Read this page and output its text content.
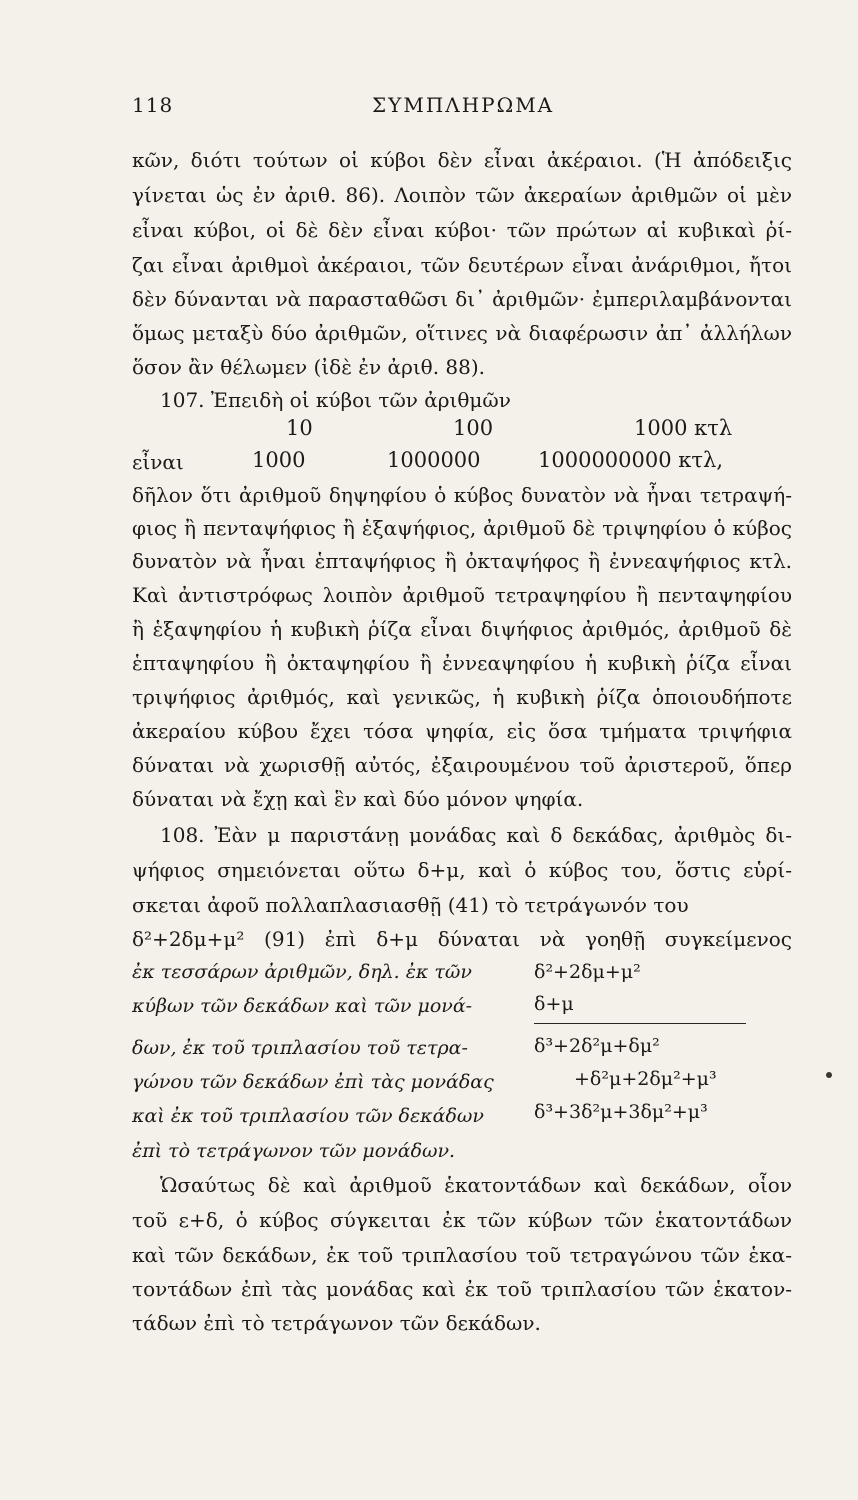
118	ΣΥΜΠΛΗΡΩΜΑ
κῶν, διότι τούτων οἱ κύβοι δὲν εἶναι ἀκέραιοι. (Ἡ ἀπόδειξις
γίνεται ὡς ἐν ἀριθ. 86). Λοιπὸν τῶν ἀκεραίων ἀριθμῶν οἱ μὲν
εἶναι κύβοι, οἱ δὲ δὲν εἶναι κύβοι· τῶν πρώτων αἱ κυβικαὶ ῥί-
ζαι εἶναι ἀριθμοὶ ἀκέραιοι, τῶν δευτέρων εἶναι ἀνάριθμοι, ἤτοι
δὲν δύνανται νὰ παρασταθῶσι δι᾽ ἀριθμῶν· ἐμπεριλαμβάνονται
ὅμως μεταξὺ δύο ἀριθμῶν, οἵτινες νὰ διαφέρωσιν ἀπ᾽ ἀλλήλων
ὅσον ἂν θέλωμεν (ἰδὲ ἐν ἀριθ. 88).
107. Ἐπειδὴ οἱ κύβοι τῶν ἀριθμῶν
10	100	1000 κτλ
εἶναι	1000	1000000	1000000000 κτλ,
δῆλον ὅτι ἀριθμοῦ δηψηφίου ὁ κύβος δυνατὸν νὰ ἦναι τετραψή-
φιος ἢ πενταψήφιος ἢ ἑξαψήφιος, ἀριθμοῦ δὲ τριψηφίου ὁ κύβος
δυνατὸν νὰ ἦναι ἑπταψήφιος ἢ ὀκταψήφος ἢ ἐννεαψήφιος κτλ.
Καὶ ἀντιστρόφως λοιπὸν ἀριθμοῦ τετραψηφίου ἢ πενταψηφίου
ἢ ἑξαψηφίου ἡ κυβικὴ ῥίζα εἶναι διψήφιος ἀριθμός, ἀριθμοῦ δὲ
ἑπταψηφίου ἢ ὀκταψηφίου ἢ ἐννεαψηφίου ἡ κυβικὴ ῥίζα εἶναι
τριψήφιος ἀριθμός, καὶ γενικῶς, ἡ κυβικὴ ῥίζα ὁποιουδήποτε
ἀκεραίου κύβου ἔχει τόσα ψηφία, εἰς ὅσα τμήματα τριψήφια
δύναται νὰ χωρισθῇ αὐτός, ἐξαιρουμένου τοῦ ἀριστεροῦ, ὅπερ
δύναται νὰ ἔχῃ καὶ ἓν καὶ δύο μόνον ψηφία.
108. Ἐὰν μ παριστάνῃ μονάδας καὶ δ δεκάδας, ἀριθμὸς δι-
ψήφιος σημειόνεται οὕτω δ+μ, καὶ ὁ κύβος του, ὅστις εὑρί-
σκεται ἀφοῦ πολλαπλασιασθῇ (41) τὸ τετράγωνόν του
δ²+2δμ+μ² (91) ἐπὶ δ+μ δύναται νὰ γοηθῇ συγκείμενος
ἐκ τεσσάρων ἀριθμῶν, δηλ. ἐκ τῶν
κύβων τῶν δεκάδων καὶ τῶν μονά-
δων, ἐκ τοῦ τριπλασίου τοῦ τετρα-
γώνου τῶν δεκάδων ἐπὶ τὰς μονάδας
καὶ ἐκ τοῦ τριπλασίου τῶν δεκάδων
ἐπὶ τὸ τετράγωνον τῶν μονάδων.
δ²+2δμ+μ²
δ+μ
δ³+2δ²μ+δμ²
+δ²μ+2δμ²+μ³
δ³+3δ²μ+3δμ²+μ³
Ὡσαύτως δὲ καὶ ἀριθμοῦ ἑκατοντάδων καὶ δεκάδων, οἷον
τοῦ ε+δ, ὁ κύβος σύγκειται ἐκ τῶν κύβων τῶν ἑκατοντάδων
καὶ τῶν δεκάδων, ἐκ τοῦ τριπλασίου τοῦ τετραγώνου τῶν ἑκα-
τοντάδων ἐπὶ τὰς μονάδας καὶ ἐκ τοῦ τριπλασίου τῶν ἑκατον-
τάδων ἐπὶ τὸ τετράγωνον τῶν δεκάδων.
